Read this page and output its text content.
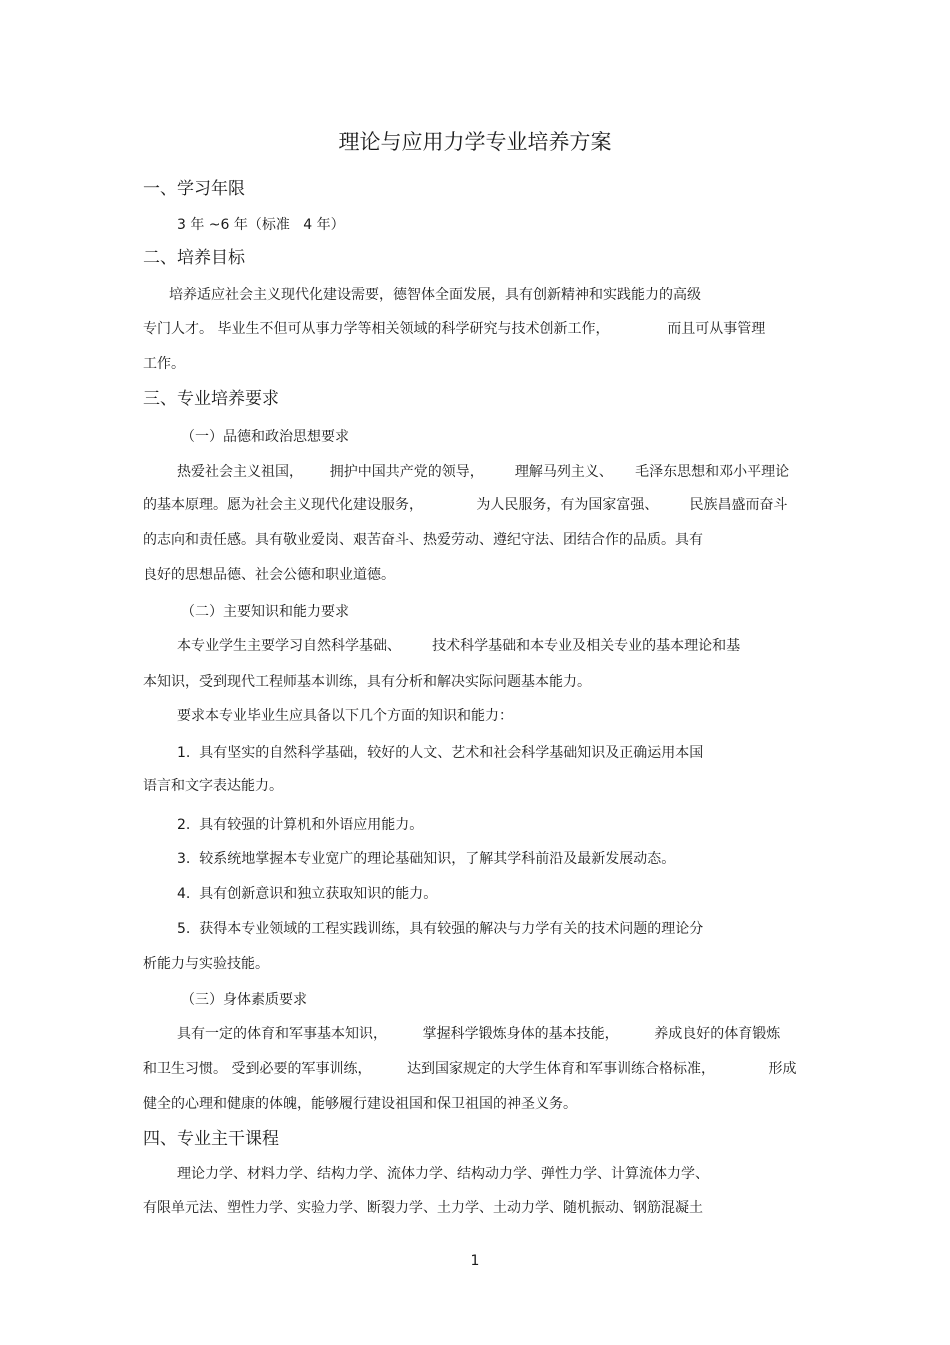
理论与应用力学专业培养方案
一、学习年限
3 年 ~6 年（标准   4 年）
二、培养目标
培养适应社会主义现代化建设需要，德智体全面发展，具有创新精神和实践能力的高级
专门人才。 毕业生不但可从事力学等相关领域的科学研究与技术创新工作，             而且可从事管理
工作。
三、专业培养要求
（一）品德和政治思想要求
热爱社会主义祖国，      拥护中国共产党的领导，       理解马列主义、     毛泽东思想和邓小平理论
的基本原理。愿为社会主义现代化建设服务，            为人民服务，有为国家富强、       民族昌盛而奋斗
的志向和责任感。具有敬业爱岗、艰苦奋斗、热爱劳动、遵纪守法、团结合作的品质。具有
良好的思想品德、社会公德和职业道德。
（二）主要知识和能力要求
本专业学生主要学习自然科学基础、       技术科学基础和本专业及相关专业的基本理论和基
本知识，受到现代工程师基本训练，具有分析和解决实际问题基本能力。
要求本专业毕业生应具备以下几个方面的知识和能力：
1.  具有坚实的自然科学基础，较好的人文、艺术和社会科学基础知识及正确运用本国
语言和文字表达能力。
2.  具有较强的计算机和外语应用能力。
3.  较系统地掌握本专业宽广的理论基础知识，了解其学科前沿及最新发展动态。
4.  具有创新意识和独立获取知识的能力。
5.  获得本专业领域的工程实践训练，具有较强的解决与力学有关的技术问题的理论分
析能力与实验技能。
（三）身体素质要求
具有一定的体育和军事基本知识，        掌握科学锻炼身体的基本技能，        养成良好的体育锻炼
和卫生习惯。 受到必要的军事训练，        达到国家规定的大学生体育和军事训练合格标准，            形成
健全的心理和健康的体魄，能够履行建设祖国和保卫祖国的神圣义务。
四、专业主干课程
理论力学、材料力学、结构力学、流体力学、结构动力学、弹性力学、计算流体力学、
有限单元法、塑性力学、实验力学、断裂力学、土力学、土动力学、随机振动、钢筋混凝土
1
